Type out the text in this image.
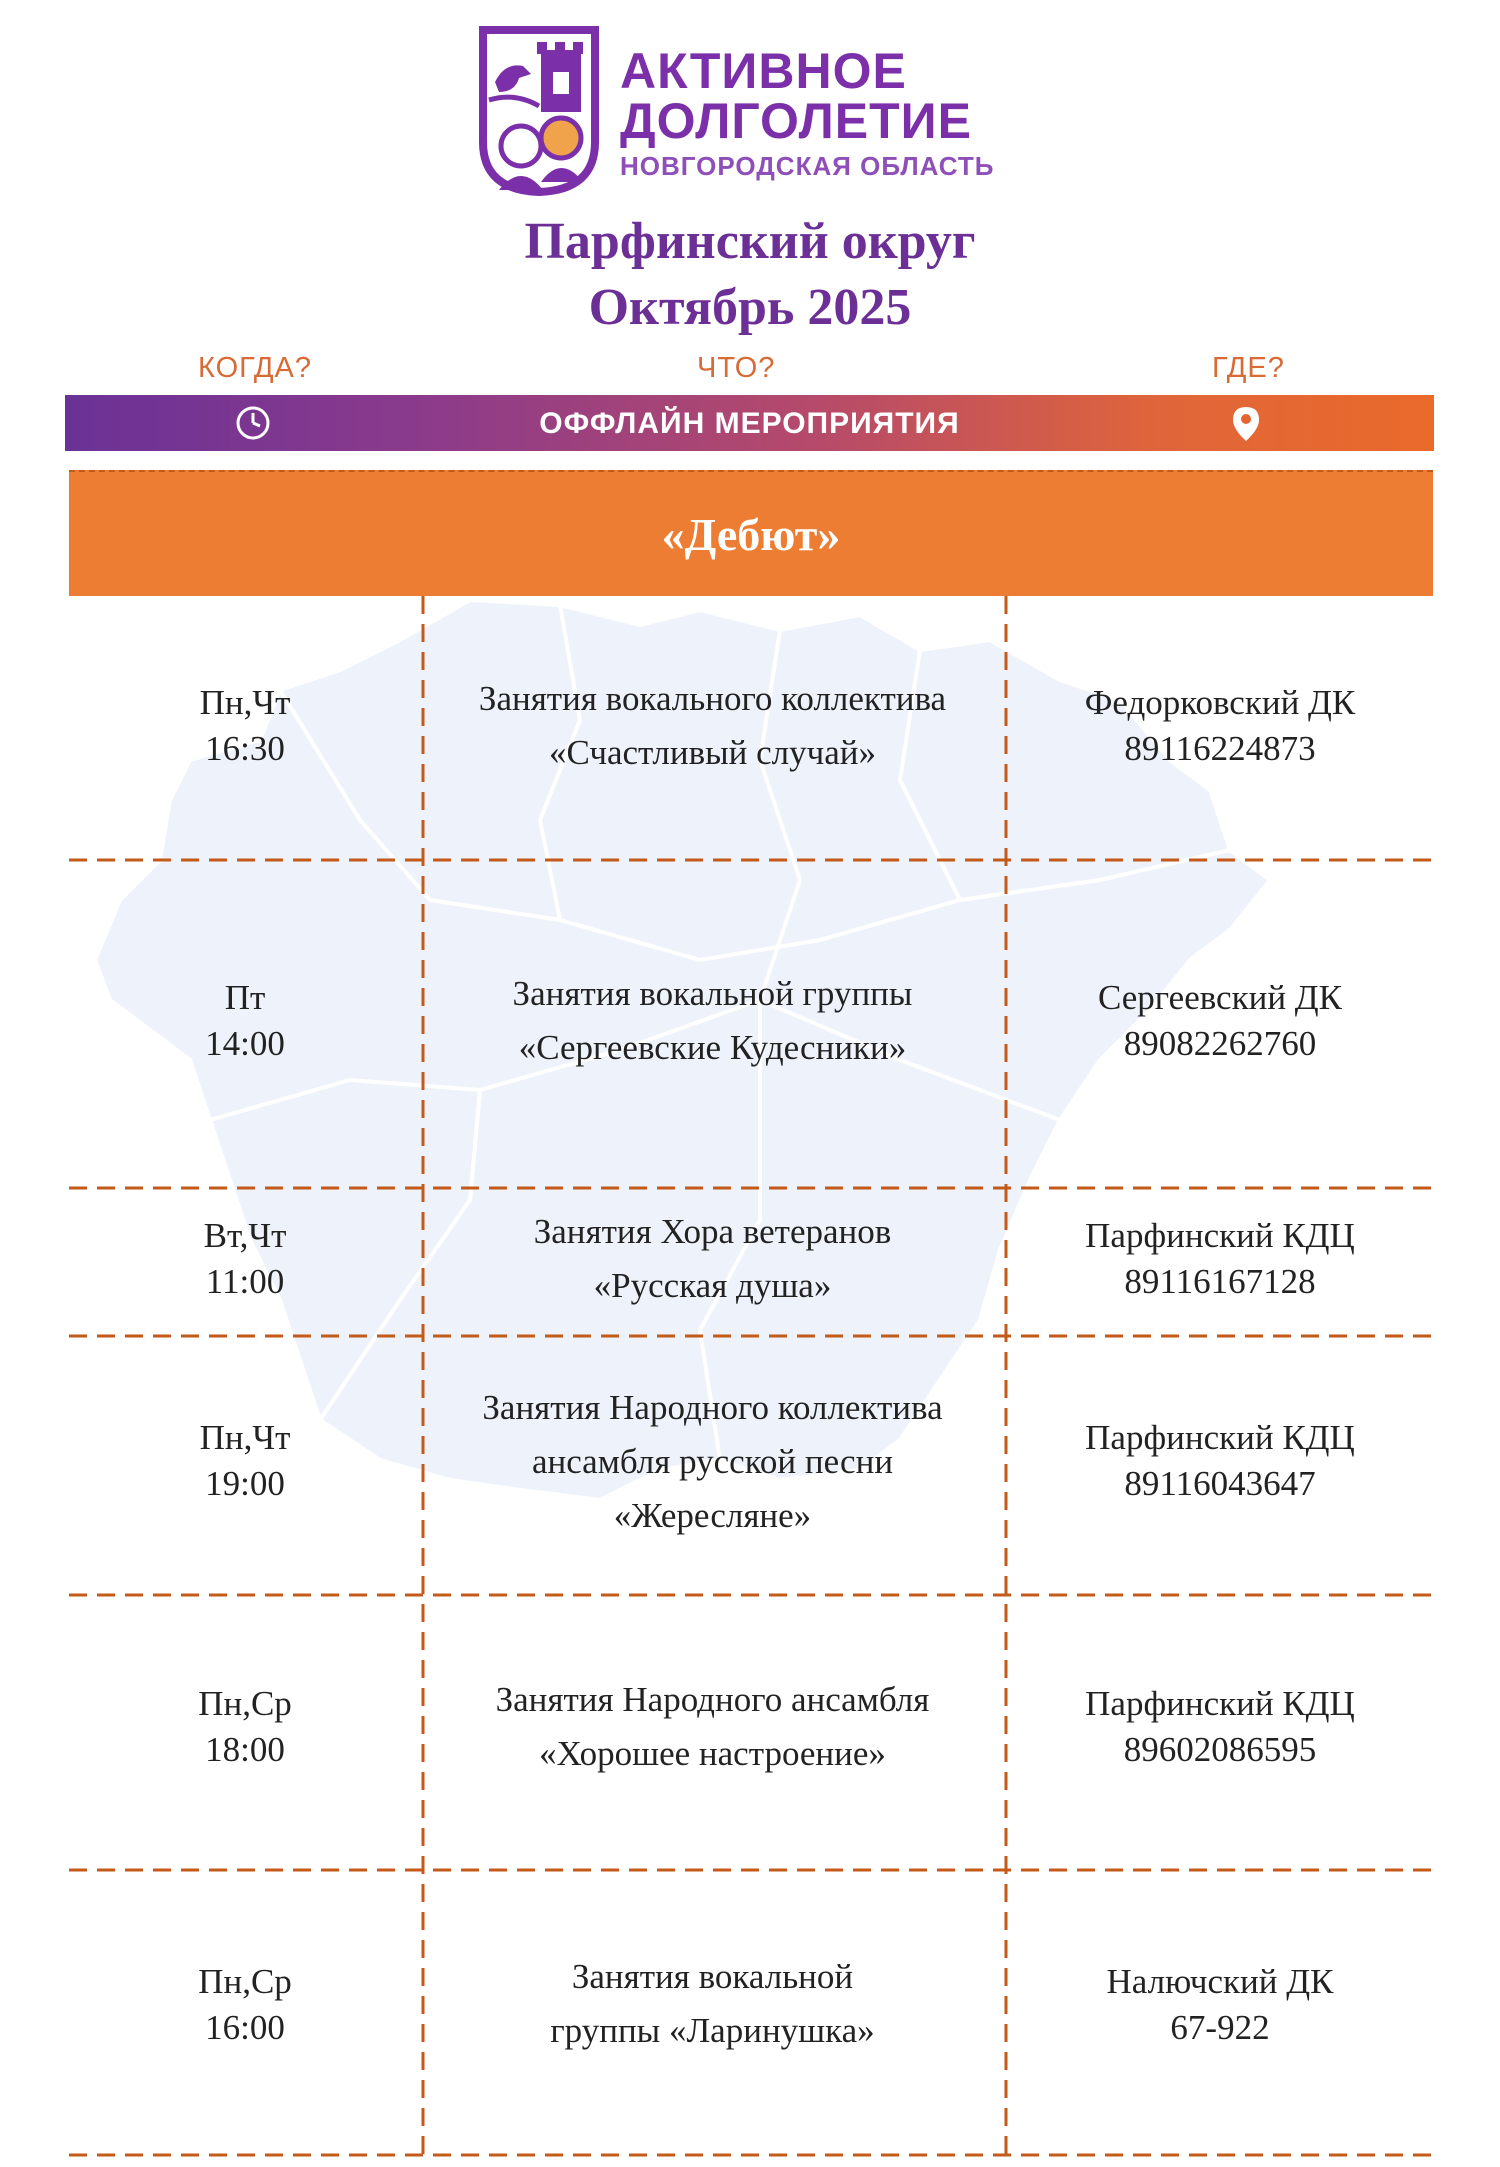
АКТИВНОЕ
ДОЛГОЛЕТИЕ
НОВГОРОДСКАЯ ОБЛАСТЬ
Парфинский округ
Октябрь 2025
КОГДА?	ЧТО?	ГДЕ?
ОФФЛАЙН МЕРОПРИЯТИЯ
«Дебют»
Пн,Чт
16:30
Занятия вокального коллектива
«Счастливый случай»
Федорковский ДК
89116224873
Пт
14:00
Занятия вокальной группы
«Сергеевские Кудесники»
Сергеевский ДК
89082262760
Вт,Чт
11:00
Занятия Хора ветеранов
«Русская душа»
Парфинский КДЦ
89116167128
Пн,Чт
19:00
Занятия Народного коллектива
ансамбля русской песни
«Жересляне»
Парфинский КДЦ
89116043647
Пн,Ср
18:00
Занятия Народного ансамбля
«Хорошее настроение»
Парфинский КДЦ
89602086595
Пн,Ср
16:00
Занятия вокальной
группы «Ларинушка»
Налючский ДК
67-922
